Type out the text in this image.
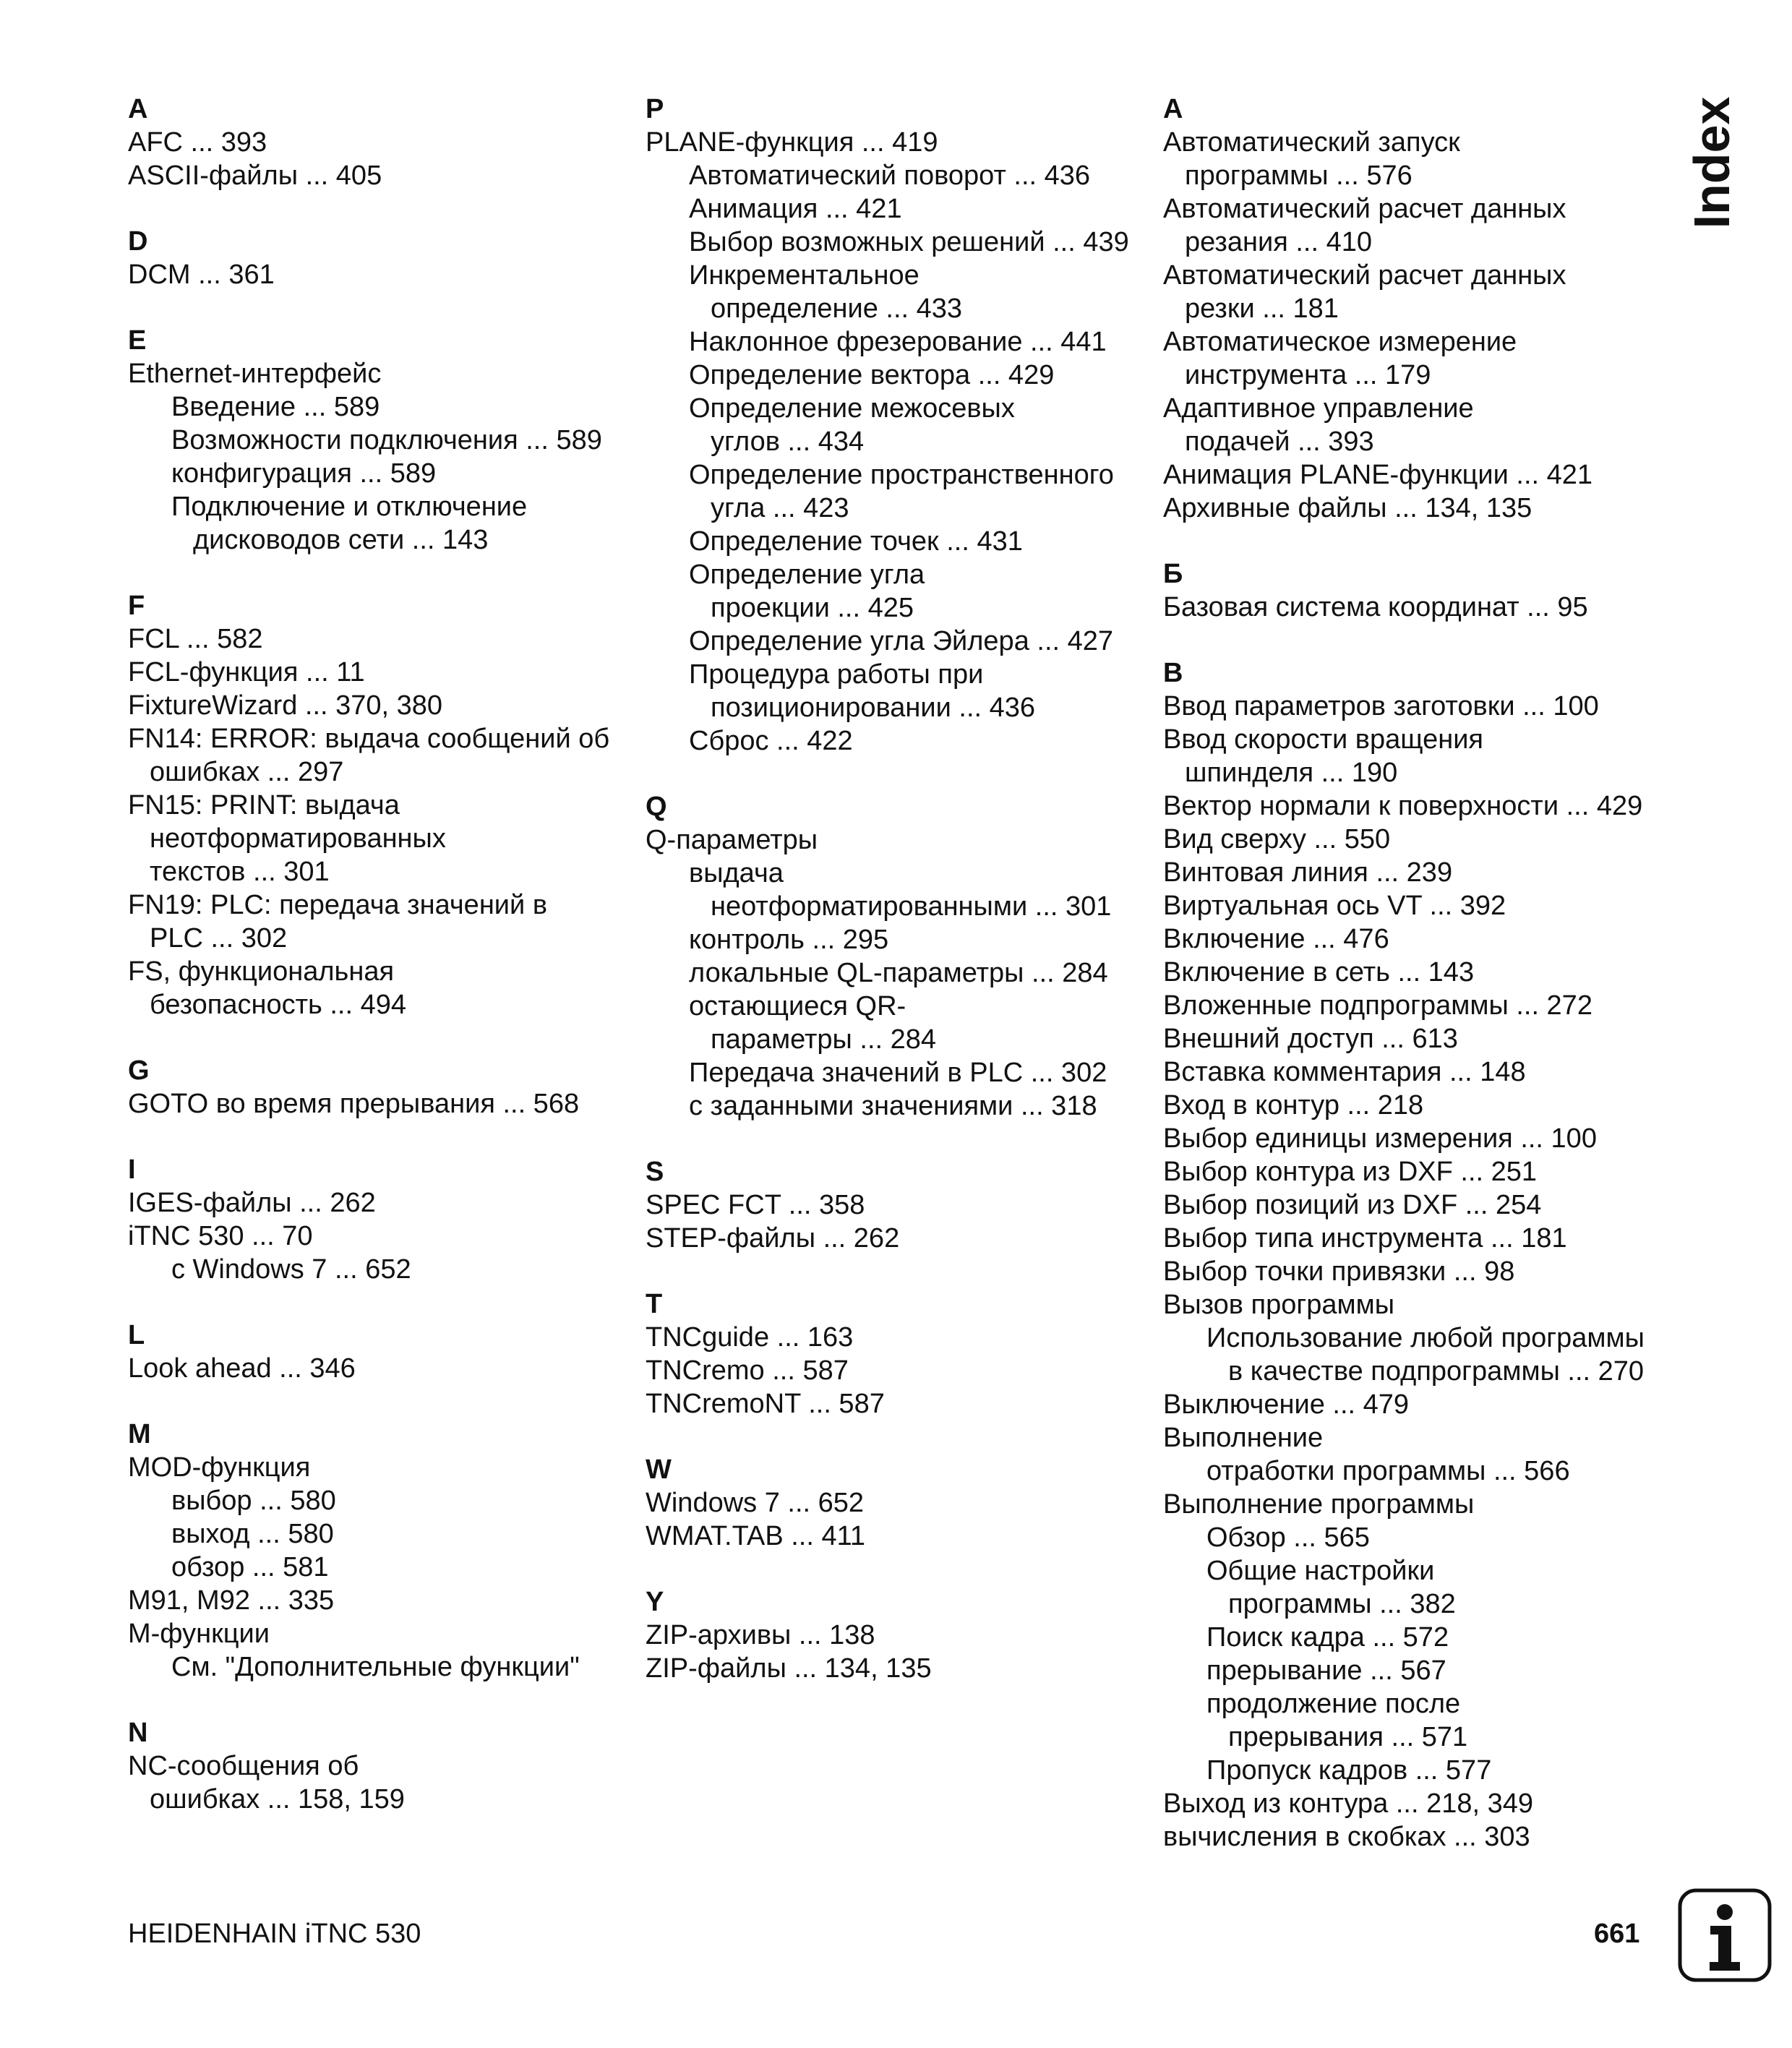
A
AFC ... 393
ASCII-файлы ... 405
D
DCM ... 361
E
Ethernet-интерфейс
Введение ... 589
Возможности подключения ... 589
конфигурация ... 589
Подключение и отключение
дисководов сети ... 143
F
FCL ... 582
FCL-функция ... 11
FixtureWizard ... 370, 380
FN14: ERROR: выдача сообщений об
ошибках ... 297
FN15: PRINT: выдача
неотформатированных
текстов ... 301
FN19: PLC: передача значений в
PLC ... 302
FS, функциональная
безопасность ... 494
G
GOTO во время прерывания ... 568
I
IGES-файлы ... 262
iTNC 530 ... 70
с Windows 7 ... 652
L
Look ahead ... 346
M
MOD-функция
выбор ... 580
выход ... 580
обзор ... 581
M91, M92 ... 335
M-функции
См. "Дополнительные функции"
N
NC-сообщения об
ошибках ... 158, 159
P
PLANE-функция ... 419
Автоматический поворот ... 436
Анимация ... 421
Выбор возможных решений ... 439
Инкрементальное
определение ... 433
Наклонное фрезерование ... 441
Определение вектора ... 429
Определение межосевых
углов ... 434
Определение пространственного
угла ... 423
Определение точек ... 431
Определение угла
проекции ... 425
Определение угла Эйлера ... 427
Процедура работы при
позиционировании ... 436
Сброс ... 422
Q
Q-параметры
выдача
неотформатированными ... 301
контроль ... 295
локальные QL-параметры ... 284
остающиеся QR-
параметры ... 284
Передача значений в PLC ... 302
с заданными значениями ... 318
S
SPEC FCT ... 358
STEP-файлы ... 262
T
TNCguide ... 163
TNCremo ... 587
TNCremoNT ... 587
W
Windows 7 ... 652
WMAT.TAB ... 411
Y
ZIP-архивы ... 138
ZIP-файлы ... 134, 135
А
Автоматический запуск
программы ... 576
Автоматический расчет данных
резания ... 410
Автоматический расчет данных
резки ... 181
Автоматическое измерение
инструмента ... 179
Адаптивное управление
подачей ... 393
Анимация PLANE-функции ... 421
Архивные файлы ... 134, 135
Б
Базовая система координат ... 95
В
Ввод параметров заготовки ... 100
Ввод скорости вращения
шпинделя ... 190
Вектор нормали к поверхности ... 429
Вид сверху ... 550
Винтовая линия ... 239
Виртуальная ось VT ... 392
Включение ... 476
Включение в сеть ... 143
Вложенные подпрограммы ... 272
Внешний доступ ... 613
Вставка комментария ... 148
Вход в контур ... 218
Выбор единицы измерения ... 100
Выбор контура из DXF ... 251
Выбор позиций из DXF ... 254
Выбор типа инструмента ... 181
Выбор точки привязки ... 98
Вызов программы
Использование любой программы
в качестве подпрограммы ... 270
Выключение ... 479
Выполнение
отработки программы ... 566
Выполнение программы
Обзор ... 565
Общие настройки
программы ... 382
Поиск кадра ... 572
прерывание ... 567
продолжение после
прерывания ... 571
Пропуск кадров ... 577
Выход из контура ... 218, 349
вычисления в скобках ... 303
Index
HEIDENHAIN iTNC 530	661
